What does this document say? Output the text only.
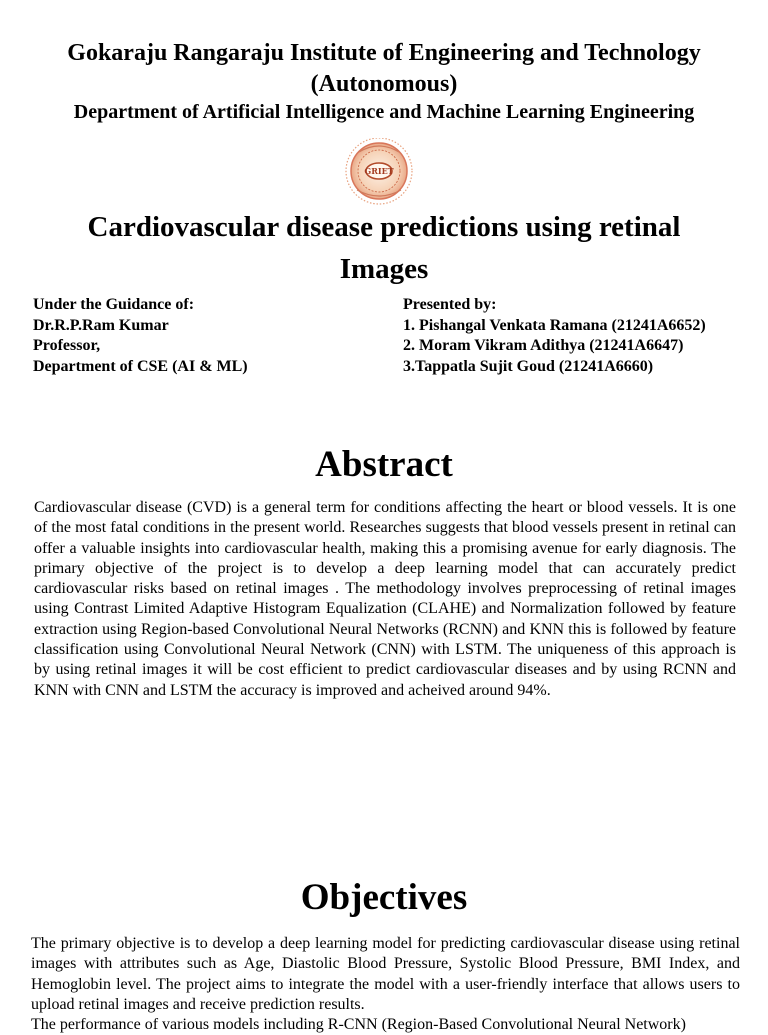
Gokaraju Rangaraju Institute of Engineering and Technology (Autonomous)
Department of Artificial Intelligence and Machine Learning Engineering
GRIET
Cardiovascular disease predictions using retinal Images
Under the Guidance of:
Dr.R.P.Ram Kumar
Professor,
Department of CSE (AI & ML)
Presented by:
1. Pishangal Venkata Ramana (21241A6652)
2. Moram Vikram Adithya (21241A6647)
3.Tappatla Sujit Goud (21241A6660)
Abstract
Cardiovascular disease (CVD) is a general term for conditions affecting the heart or blood vessels. It is one of the most fatal conditions in the present world. Researches suggests that blood vessels present in retinal can offer a valuable insights into cardiovascular health, making this a promising avenue for early diagnosis. The primary objective of the project is to develop a deep learning model that can accurately predict cardiovascular risks based on retinal images . The methodology involves preprocessing of retinal images using Contrast Limited Adaptive Histogram Equalization (CLAHE) and Normalization followed by feature extraction using Region-based Convolutional Neural Networks (RCNN) and KNN this is followed by feature classification using Convolutional Neural Network (CNN) with LSTM. The uniqueness of this approach is by using retinal images it will be cost efficient to predict cardiovascular diseases and by using RCNN and KNN with CNN and LSTM the accuracy is improved and acheived around 94%.
Objectives

The primary objective is to develop a deep learning model for predicting cardiovascular disease using retinal images with attributes such as Age, Diastolic Blood Pressure, Systolic Blood Pressure, BMI Index, and Hemoglobin level. The project aims to integrate the model with a user-friendly interface that allows users to upload retinal images and receive prediction results.

The performance of various models including R-CNN (Region-Based Convolutional Neural Network)
